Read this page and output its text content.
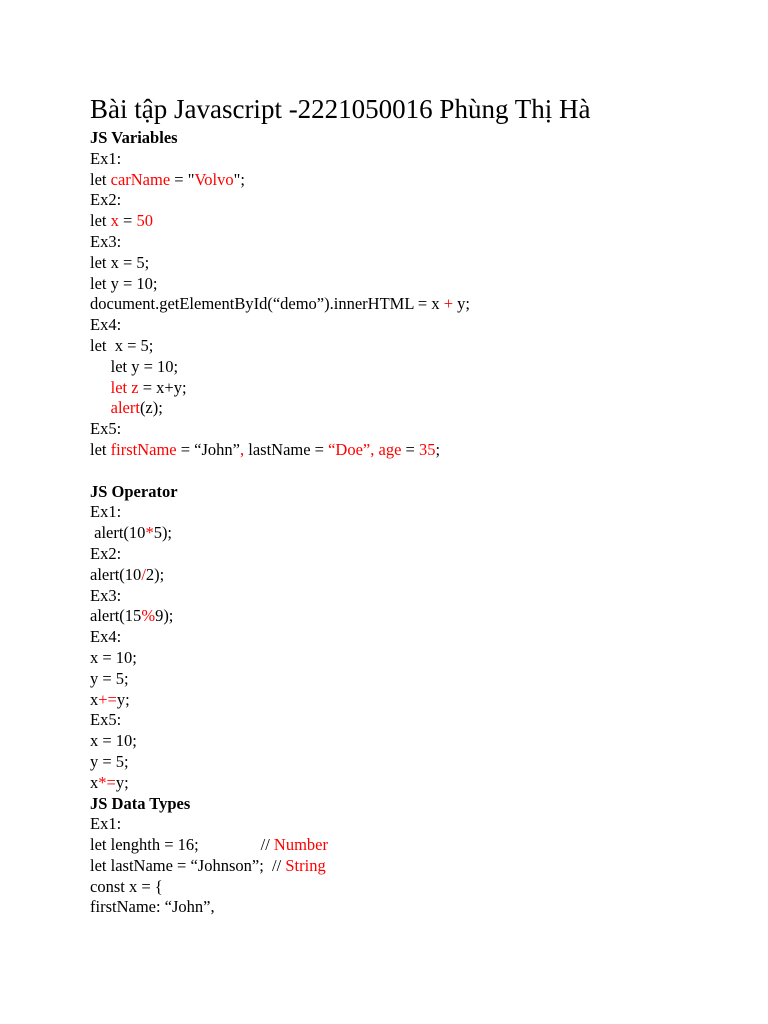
Bài tập Javascript -2221050016 Phùng Thị Hà
JS Variables
Ex1:
let carName = "Volvo";
Ex2:
let x = 50
Ex3:
let x = 5;
let y = 10;
document.getElementById(“demo”).innerHTML = x + y;
Ex4:
let  x = 5;
let y = 10;
let z = x+y;
alert(z);
Ex5:
let firstName = “John”, lastName = “Doe”, age = 35;
JS Operator
Ex1:
alert(10*5);
Ex2:
alert(10/2);
Ex3:
alert(15%9);
Ex4:
x = 10;
y = 5;
x+=y;
Ex5:
x = 10;
y = 5;
x*=y;
JS Data Types
Ex1:
let lenghth = 16;               // Number
let lastName = “Johnson”;  // String
const x = {
firstName: “John”,
